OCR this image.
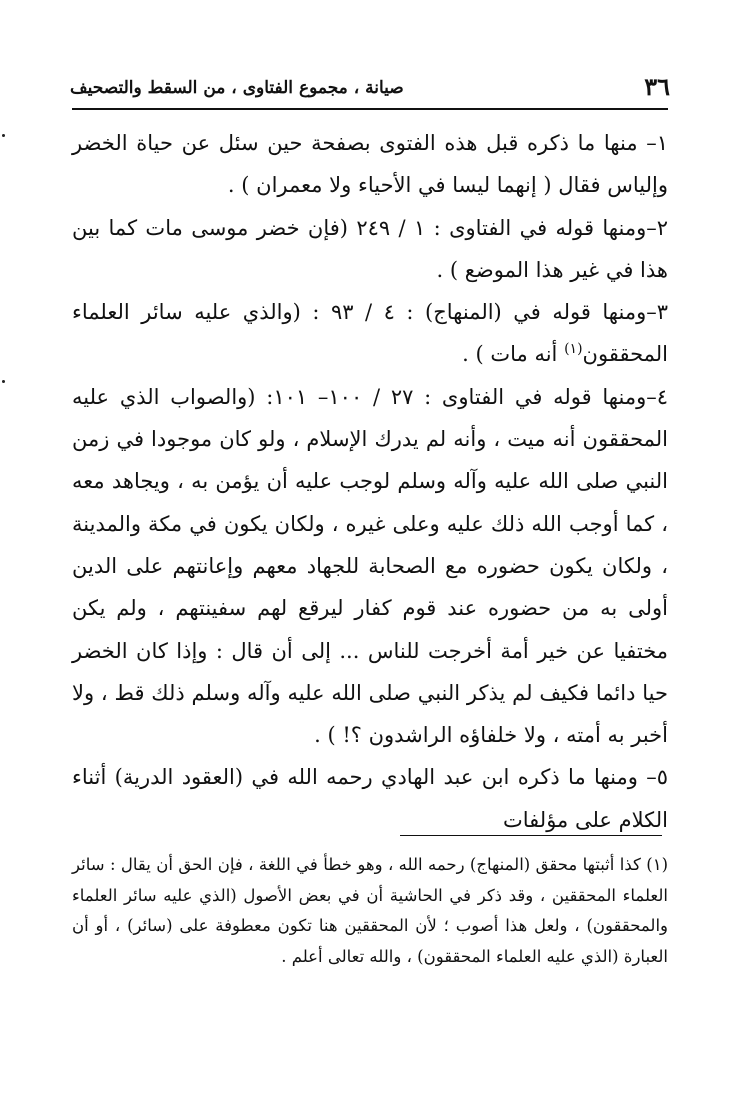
٣٦
صيانة ، مجموع الفتاوى ، من السقط والتصحيف

١– منها ما ذكره قبل هذه الفتوى بصفحة حين سئل عن حياة الخضر وإلياس فقال ( إنهما ليسا في الأحياء ولا معمران ) .

٢–ومنها قوله في الفتاوى : ١ / ٢٤٩ (فإن خضر موسى مات كما بين هذا في غير هذا الموضع ) .

٣–ومنها قوله في (المنهاج) : ٤ / ٩٣ : (والذي عليه سائر العلماء المحققون$^{(١)}$ أنه مات ) .

٤–ومنها قوله في الفتاوى : ٢٧ / ١٠٠– ١٠١: (والصواب الذي عليه المحققون أنه ميت ، وأنه لم يدرك الإسلام ، ولو كان موجودا في زمن النبي صلى الله عليه وآله وسلم لوجب عليه أن يؤمن به ، ويجاهد معه ، كما أوجب الله ذلك عليه وعلى غيره ، ولكان يكون في مكة والمدينة ، ولكان يكون حضوره مع الصحابة للجهاد معهم وإعانتهم على الدين أولى به من حضوره عند قوم كفار ليرقع لهم سفينتهم ، ولم يكن مختفيا عن خير أمة أخرجت للناس ... إلى أن قال : وإذا كان الخضر حيا دائما فكيف لم يذكر النبي صلى الله عليه وآله وسلم ذلك قط ، ولا أخبر به أمته ، ولا خلفاؤه الراشدون ؟! ) .

٥– ومنها ما ذكره ابن عبد الهادي رحمه الله في (العقود الدرية) أثناء الكلام على مؤلفات

(١) كذا أثبتها محقق (المنهاج) رحمه الله ، وهو خطأ في اللغة ، فإن الحق أن يقال : سائر العلماء المحققين ، وقد ذكر في الحاشية أن في بعض الأصول (الذي عليه سائر العلماء والمحققون) ، ولعل هذا أصوب ؛ لأن المحققين هنا تكون معطوفة على (سائر) ، أو أن العبارة (الذي عليه العلماء المحققون) ، والله تعالى أعلم .
